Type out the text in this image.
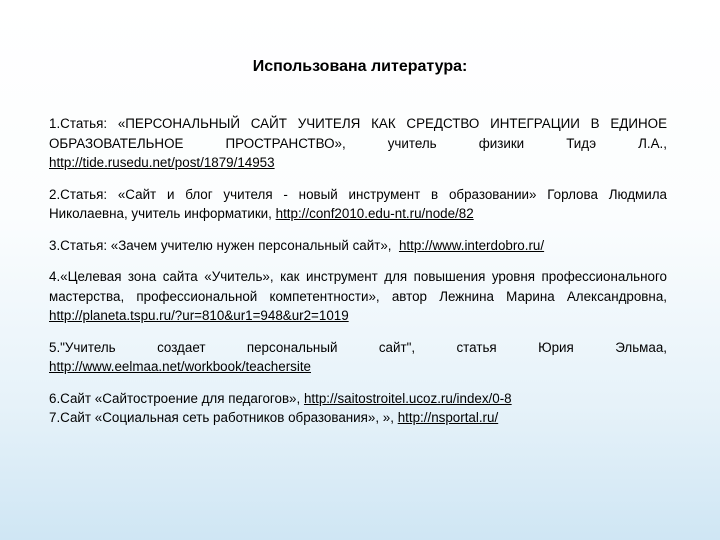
Использована литература:

1.Статья: «ПЕРСОНАЛЬНЫЙ САЙТ УЧИТЕЛЯ КАК СРЕДСТВО ИНТЕГРАЦИИ В ЕДИНОЕ ОБРАЗОВАТЕЛЬНОЕ ПРОСТРАНСТВО», учитель физики Тидэ Л.А., http://tide.rusedu.net/post/1879/14953

2.Статья: «Сайт и блог учителя - новый инструмент в образовании» Горлова Людмила Николаевна, учитель информатики, http://conf2010.edu-nt.ru/node/82

3.Статья: «Зачем учителю нужен персональный сайт», http://www.interdobro.ru/

4.«Целевая зона сайта «Учитель», как инструмент для повышения уровня профессионального мастерства, профессиональной компетентности», автор Лежнина Марина Александровна, http://planeta.tspu.ru/?ur=810&ur1=948&ur2=1019

5."Учитель создает персональный сайт", статья Юрия Эльмаа, http://www.eelmaa.net/workbook/teachersite

6.Сайт «Сайтостроение для педагогов», http://saitostroitel.ucoz.ru/index/0-8

7.Сайт «Социальная сеть работников образования», », http://nsportal.ru/
